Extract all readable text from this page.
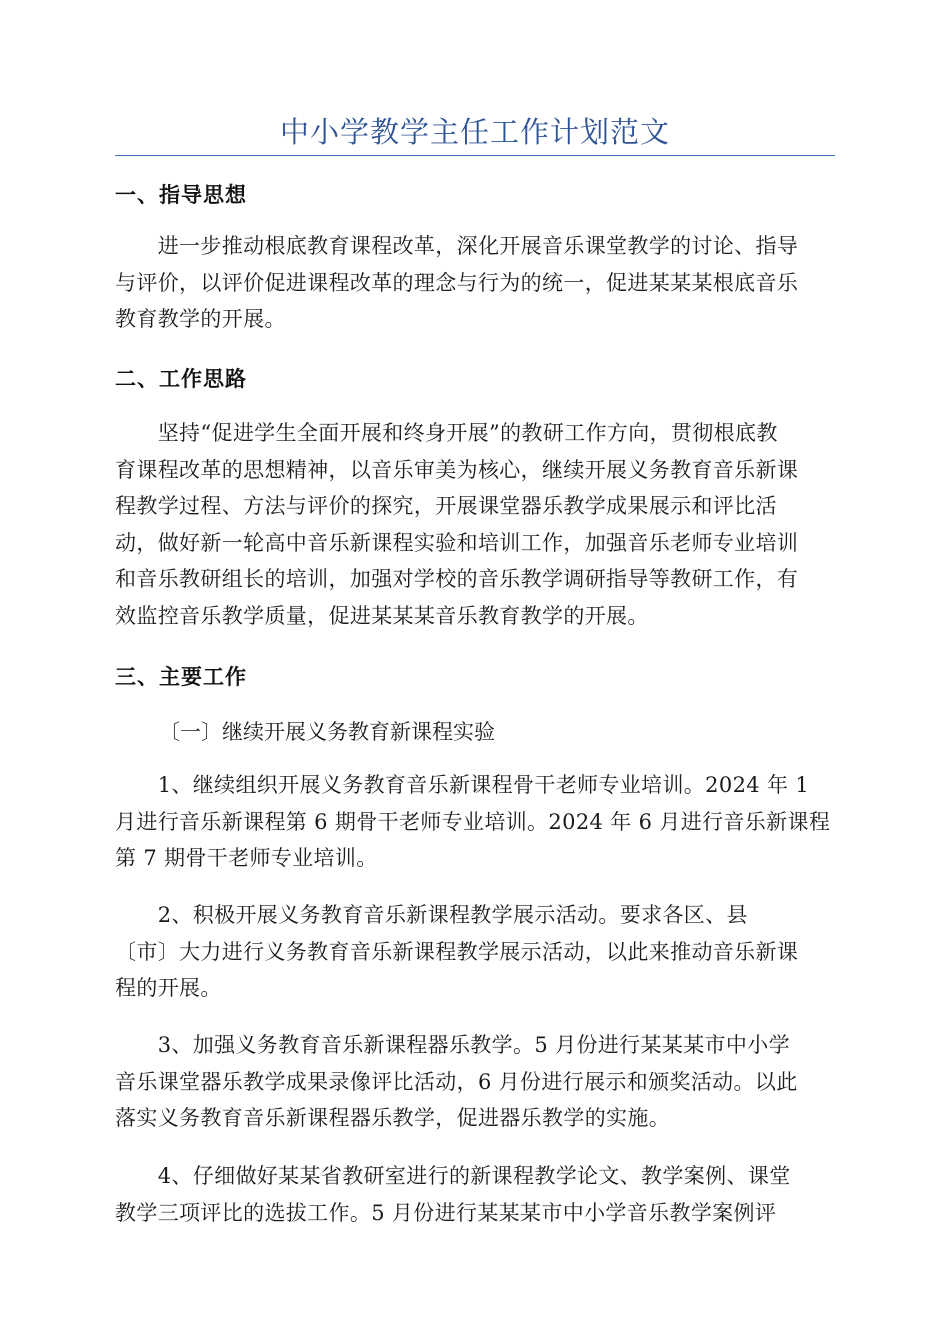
中小学教学主任工作计划范文
一、指导思想
　　进一步推动根底教育课程改革，深化开展音乐课堂教学的讨论、指导
与评价，以评价促进课程改革的理念与行为的统一，促进某某某根底音乐
教育教学的开展。
二、工作思路
　　坚持“促进学生全面开展和终身开展”的教研工作方向，贯彻根底教
育课程改革的思想精神，以音乐审美为核心，继续开展义务教育音乐新课
程教学过程、方法与评价的探究，开展课堂器乐教学成果展示和评比活
动，做好新一轮高中音乐新课程实验和培训工作，加强音乐老师专业培训
和音乐教研组长的培训，加强对学校的音乐教学调研指导等教研工作，有
效监控音乐教学质量，促进某某某音乐教育教学的开展。
三、主要工作
〔一〕继续开展义务教育新课程实验
　　1、继续组织开展义务教育音乐新课程骨干老师专业培训。2024 年 1
月进行音乐新课程第 6 期骨干老师专业培训。2024 年 6 月进行音乐新课程
第 7 期骨干老师专业培训。
　　2、积极开展义务教育音乐新课程教学展示活动。要求各区、县
〔市〕大力进行义务教育音乐新课程教学展示活动，以此来推动音乐新课
程的开展。
　　3、加强义务教育音乐新课程器乐教学。5 月份进行某某某市中小学
音乐课堂器乐教学成果录像评比活动，6 月份进行展示和颁奖活动。以此
落实义务教育音乐新课程器乐教学，促进器乐教学的实施。
　　4、仔细做好某某省教研室进行的新课程教学论文、教学案例、课堂
教学三项评比的选拔工作。5 月份进行某某某市中小学音乐教学案例评
